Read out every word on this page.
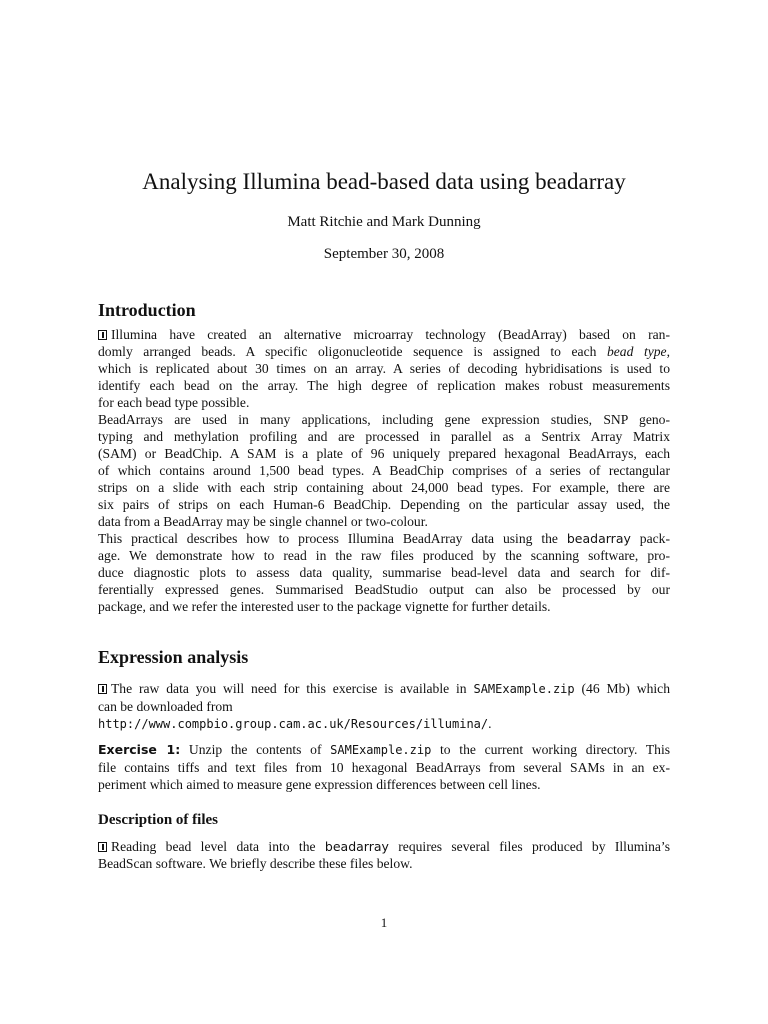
Analysing Illumina bead-based data using beadarray
Matt Ritchie and Mark Dunning
September 30, 2008
Introduction
Illumina have created an alternative microarray technology (BeadArray) based on ran-
domly arranged beads. A specific oligonucleotide sequence is assigned to each bead type,
which is replicated about 30 times on an array. A series of decoding hybridisations is used to
identify each bead on the array. The high degree of replication makes robust measurements
for each bead type possible.
BeadArrays are used in many applications, including gene expression studies, SNP geno-
typing and methylation profiling and are processed in parallel as a Sentrix Array Matrix
(SAM) or BeadChip. A SAM is a plate of 96 uniquely prepared hexagonal BeadArrays, each
of which contains around 1,500 bead types. A BeadChip comprises of a series of rectangular
strips on a slide with each strip containing about 24,000 bead types. For example, there are
six pairs of strips on each Human-6 BeadChip. Depending on the particular assay used, the
data from a BeadArray may be single channel or two-colour.
This practical describes how to process Illumina BeadArray data using the beadarray pack-
age. We demonstrate how to read in the raw files produced by the scanning software, pro-
duce diagnostic plots to assess data quality, summarise bead-level data and search for dif-
ferentially expressed genes. Summarised BeadStudio output can also be processed by our
package, and we refer the interested user to the package vignette for further details.
Expression analysis
The raw data you will need for this exercise is available in SAMExample.zip (46 Mb) which
can be downloaded from
http://www.compbio.group.cam.ac.uk/Resources/illumina/.
Exercise 1: Unzip the contents of SAMExample.zip to the current working directory. This
file contains tiffs and text files from 10 hexagonal BeadArrays from several SAMs in an ex-
periment which aimed to measure gene expression differences between cell lines.
Description of files
Reading bead level data into the beadarray requires several files produced by Illumina’s
BeadScan software. We briefly describe these files below.
1
